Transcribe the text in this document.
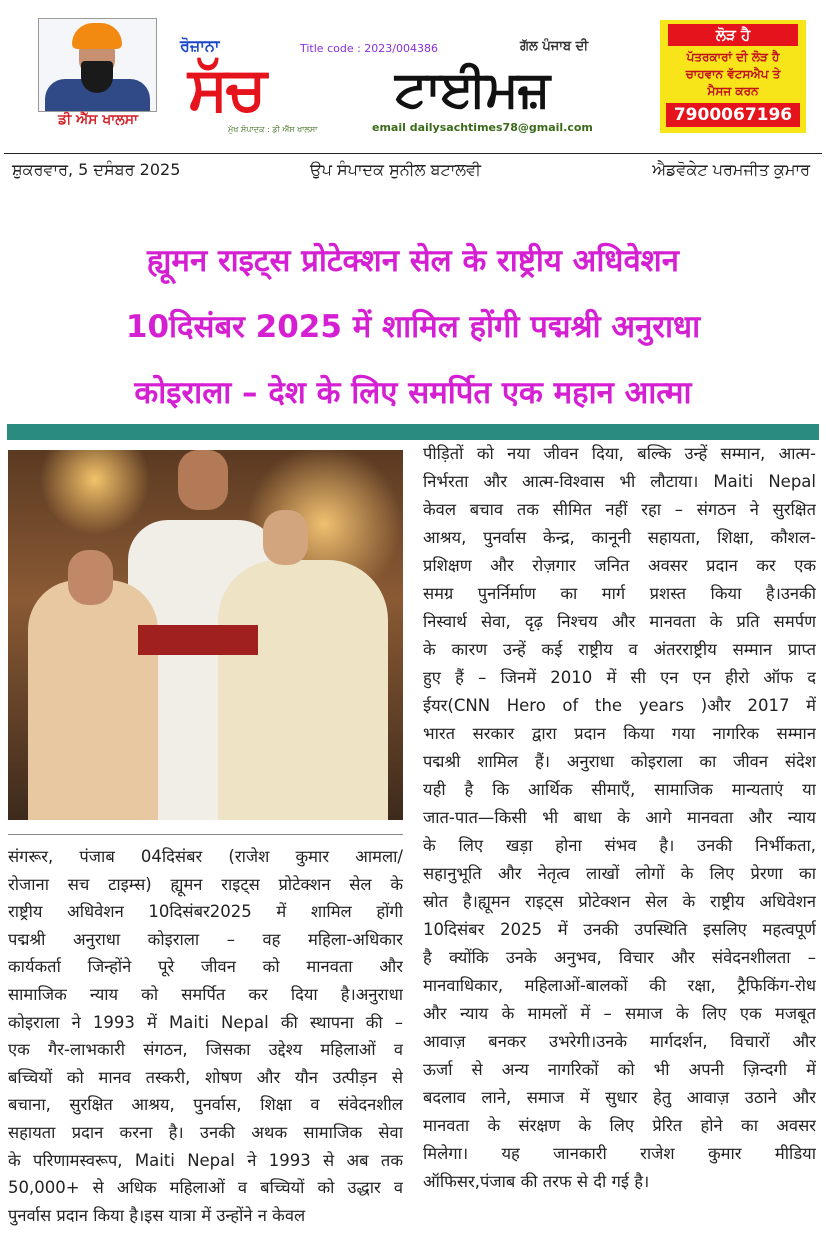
ਡੀ ਐੱਸ ਖਾਲਸਾ ਸੱਚ	ਟਾਈਮਜ਼
ਰੋਜ਼ਾਨਾ	Title code : 2023/004386	ਗੱਲ ਪੰਜਾਬ ਦੀ
ਮੁੱਖ ਸੰਪਾਦਕ : ਡੀ ਐੱਸ ਖਾਲਸਾ	email dailysachtimes78@gmail.com
ਲੋੜ ਹੈ
ਪੱਤਰਕਾਰਾਂ ਦੀ ਲੋੜ ਹੈ
ਚਾਹਵਾਨ ਵੱਟਸਐਪ ਤੇ
ਮੈਸਜ ਕਰਨ
7900067196
ਸ਼ੁਕਰਵਾਰ, 5 ਦਸੰਬਰ 2025	ਉਪ ਸੰਪਾਦਕ ਸੁਨੀਲ ਬਟਾਲਵੀ	ਐਡਵੋਕੇਟ ਪਰਮਜੀਤ ਕੁਮਾਰ
ह्यूमन राइट्स प्रोटेक्शन सेल के राष्ट्रीय अधिवेशन
10दिसंबर 2025 में शामिल होंगी पद्मश्री अनुराधा
कोइराला – देश के लिए समर्पित एक महान आत्मा
संगरूर, पंजाब 04दिसंबर (राजेश कुमार आमला/
रोजाना सच टाइम्स) ह्यूमन राइट्स प्रोटेक्शन सेल के
राष्ट्रीय अधिवेशन 10दिसंबर2025 में शामिल होंगी
पद्मश्री अनुराधा कोइराला – वह महिला-अधिकार
कार्यकर्ता जिन्होंने पूरे जीवन को मानवता और
सामाजिक न्याय को समर्पित कर दिया है।अनुराधा
कोइराला ने 1993 में Maiti Nepal की स्थापना की –
एक गैर-लाभकारी संगठन, जिसका उद्देश्य महिलाओं व
बच्चियों को मानव तस्करी, शोषण और यौन उत्पीड़न से
बचाना, सुरक्षित आश्रय, पुनर्वास, शिक्षा व संवेदनशील
सहायता प्रदान करना है। उनकी अथक सामाजिक सेवा
के परिणामस्वरूप, Maiti Nepal ने 1993 से अब तक
50,000+ से अधिक महिलाओं व बच्चियों को उद्धार व
पुनर्वास प्रदान किया है।इस यात्रा में उन्होंने न केवल
पीड़ितों को नया जीवन दिया, बल्कि उन्हें सम्मान, आत्म-
निर्भरता और आत्म-विश्वास भी लौटाया। Maiti Nepal
केवल बचाव तक सीमित नहीं रहा – संगठन ने सुरक्षित
आश्रय, पुनर्वास केन्द्र, कानूनी सहायता, शिक्षा, कौशल-
प्रशिक्षण और रोज़गार जनित अवसर प्रदान कर एक
समग्र पुनर्निर्माण का मार्ग प्रशस्त किया है।उनकी
निस्वार्थ सेवा, दृढ़ निश्चय और मानवता के प्रति समर्पण
के कारण उन्हें कई राष्ट्रीय व अंतरराष्ट्रीय सम्मान प्राप्त
हुए हैं – जिनमें 2010 में सी एन एन हीरो ऑफ द
ईयर(CNN Hero of the years )और 2017 में
भारत सरकार द्वारा प्रदान किया गया नागरिक सम्मान
पद्मश्री शामिल हैं। अनुराधा कोइराला का जीवन संदेश
यही है कि आर्थिक सीमाएँ, सामाजिक मान्यताएं या
जात-पात—किसी भी बाधा के आगे मानवता और न्याय
के लिए खड़ा होना संभव है। उनकी निर्भीकता,
सहानुभूति और नेतृत्व लाखों लोगों के लिए प्रेरणा का
स्रोत है।ह्यूमन राइट्स प्रोटेक्शन सेल के राष्ट्रीय अधिवेशन
10दिसंबर 2025 में उनकी उपस्थिति इसलिए महत्वपूर्ण
है क्योंकि उनके अनुभव, विचार और संवेदनशीलता –
मानवाधिकार, महिलाओं-बालकों की रक्षा, ट्रैफिकिंग-रोध
और न्याय के मामलों में – समाज के लिए एक मजबूत
आवाज़ बनकर उभरेगी।उनके मार्गदर्शन, विचारों और
ऊर्जा से अन्य नागरिकों को भी अपनी ज़िन्दगी में
बदलाव लाने, समाज में सुधार हेतु आवाज़ उठाने और
मानवता के संरक्षण के लिए प्रेरित होने का अवसर
मिलेगा। यह जानकारी राजेश कुमार मीडिया
ऑफिसर,पंजाब की तरफ से दी गई है।
